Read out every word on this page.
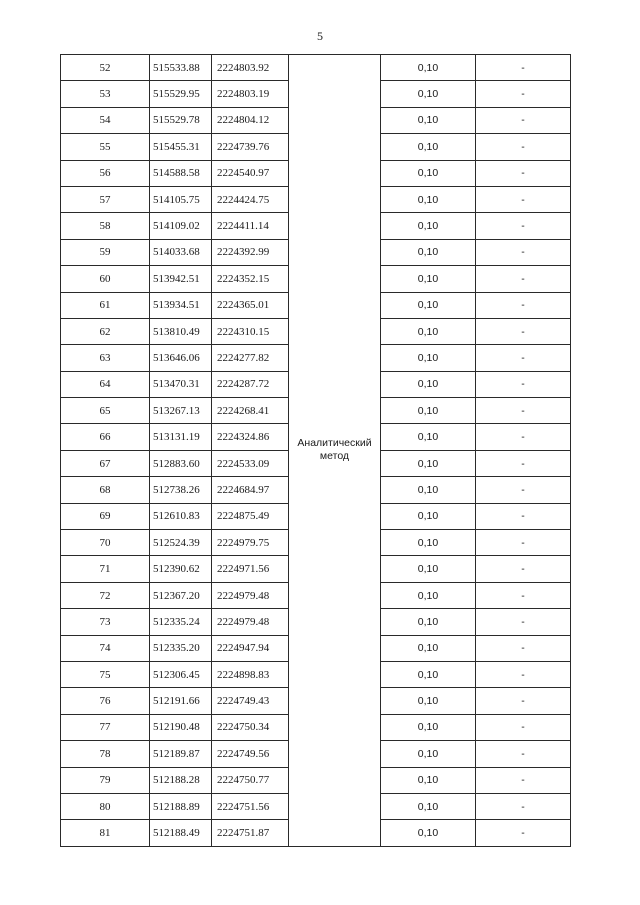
5
52	515533.88	2224803.92	Аналитический метод	0,10	-
53	515529.95	2224803.19		0,10	-
54	515529.78	2224804.12		0,10	-
55	515455.31	2224739.76		0,10	-
56	514588.58	2224540.97		0,10	-
57	514105.75	2224424.75		0,10	-
58	514109.02	2224411.14		0,10	-
59	514033.68	2224392.99		0,10	-
60	513942.51	2224352.15		0,10	-
61	513934.51	2224365.01		0,10	-
62	513810.49	2224310.15		0,10	-
63	513646.06	2224277.82		0,10	-
64	513470.31	2224287.72		0,10	-
65	513267.13	2224268.41		0,10	-
66	513131.19	2224324.86		0,10	-
67	512883.60	2224533.09		0,10	-
68	512738.26	2224684.97		0,10	-
69	512610.83	2224875.49		0,10	-
70	512524.39	2224979.75		0,10	-
71	512390.62	2224971.56		0,10	-
72	512367.20	2224979.48		0,10	-
73	512335.24	2224979.48		0,10	-
74	512335.20	2224947.94		0,10	-
75	512306.45	2224898.83		0,10	-
76	512191.66	2224749.43		0,10	-
77	512190.48	2224750.34		0,10	-
78	512189.87	2224749.56		0,10	-
79	512188.28	2224750.77		0,10	-
80	512188.89	2224751.56		0,10	-
81	512188.49	2224751.87		0,10	-
